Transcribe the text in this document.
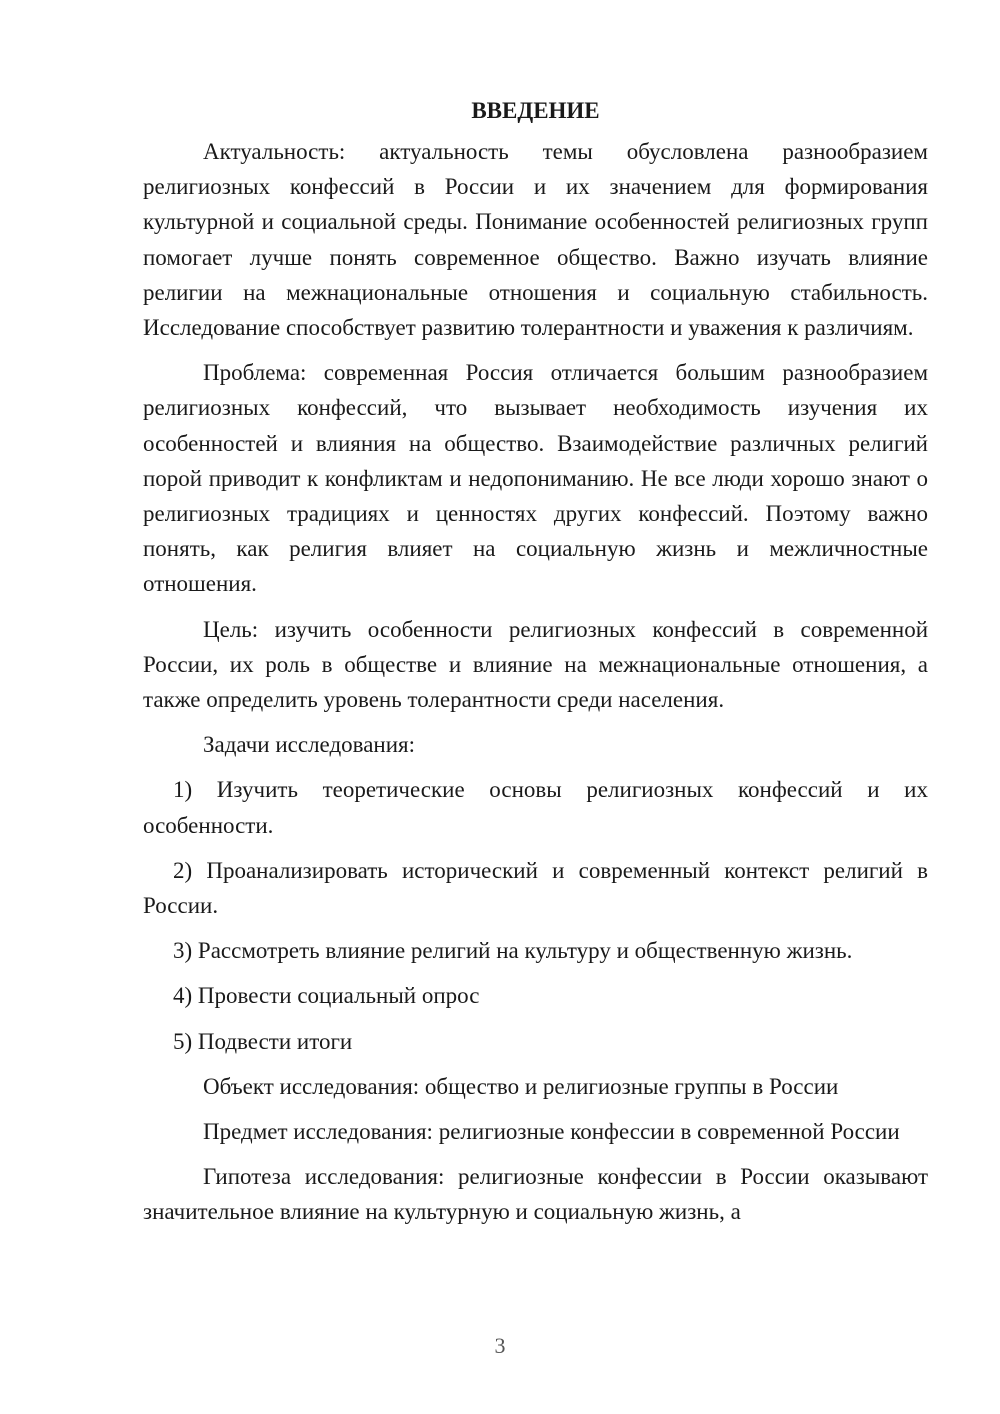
ВВЕДЕНИЕ

Актуальность: актуальность темы обусловлена разнообразием религиозных конфессий в России и их значением для формирования культурной и социальной среды. Понимание особенностей религиозных групп помогает лучше понять современное общество. Важно изучать влияние религии на межнациональные отношения и социальную стабильность. Исследование способствует развитию толерантности и уважения к различиям.

Проблема: современная Россия отличается большим разнообразием религиозных конфессий, что вызывает необходимость изучения их особенностей и влияния на общество. Взаимодействие различных религий порой приводит к конфликтам и недопониманию. Не все люди хорошо знают о религиозных традициях и ценностях других конфессий. Поэтому важно понять, как религия влияет на социальную жизнь и межличностные отношения.

Цель: изучить особенности религиозных конфессий в современной России, их роль в обществе и влияние на межнациональные отношения, а также определить уровень толерантности среди населения.

Задачи исследования:

1) Изучить теоретические основы религиозных конфессий и их особенности.

2) Проанализировать исторический и современный контекст религий в России.

3) Рассмотреть влияние религий на культуру и общественную жизнь.

4) Провести социальный опрос

5) Подвести итоги

Объект исследования: общество и религиозные группы в России

Предмет исследования: религиозные конфессии в современной России

Гипотеза исследования: религиозные конфессии в России оказывают значительное влияние на культурную и социальную жизнь, а

3
